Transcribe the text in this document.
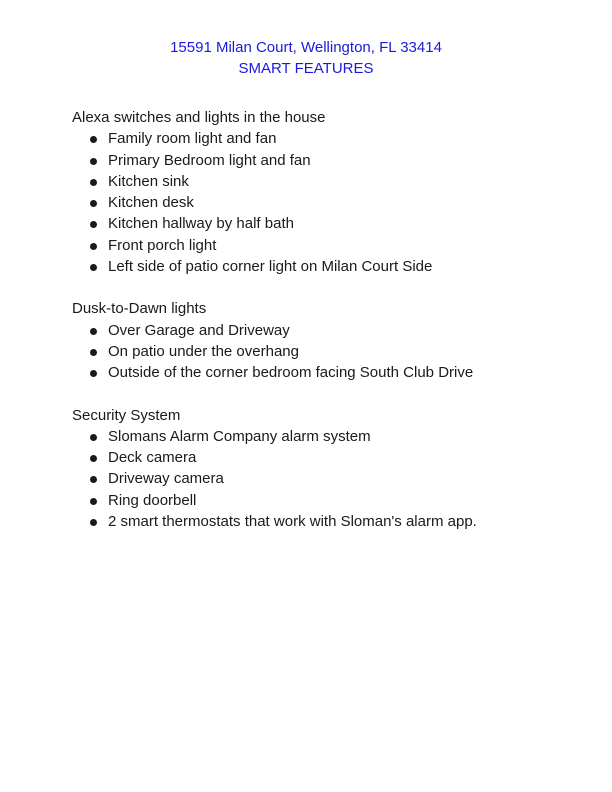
15591 Milan Court, Wellington, FL 33414
SMART FEATURES
Alexa switches and lights in the house
Family room light and fan
Primary Bedroom light and fan
Kitchen sink
Kitchen desk
Kitchen hallway by half bath
Front porch light
Left side of patio corner light on Milan Court Side
Dusk-to-Dawn lights
Over Garage and Driveway
On patio under the overhang
Outside of the corner bedroom facing South Club Drive
Security System
Slomans Alarm Company alarm system
Deck camera
Driveway camera
Ring doorbell
2 smart thermostats that work with Sloman's alarm app.
